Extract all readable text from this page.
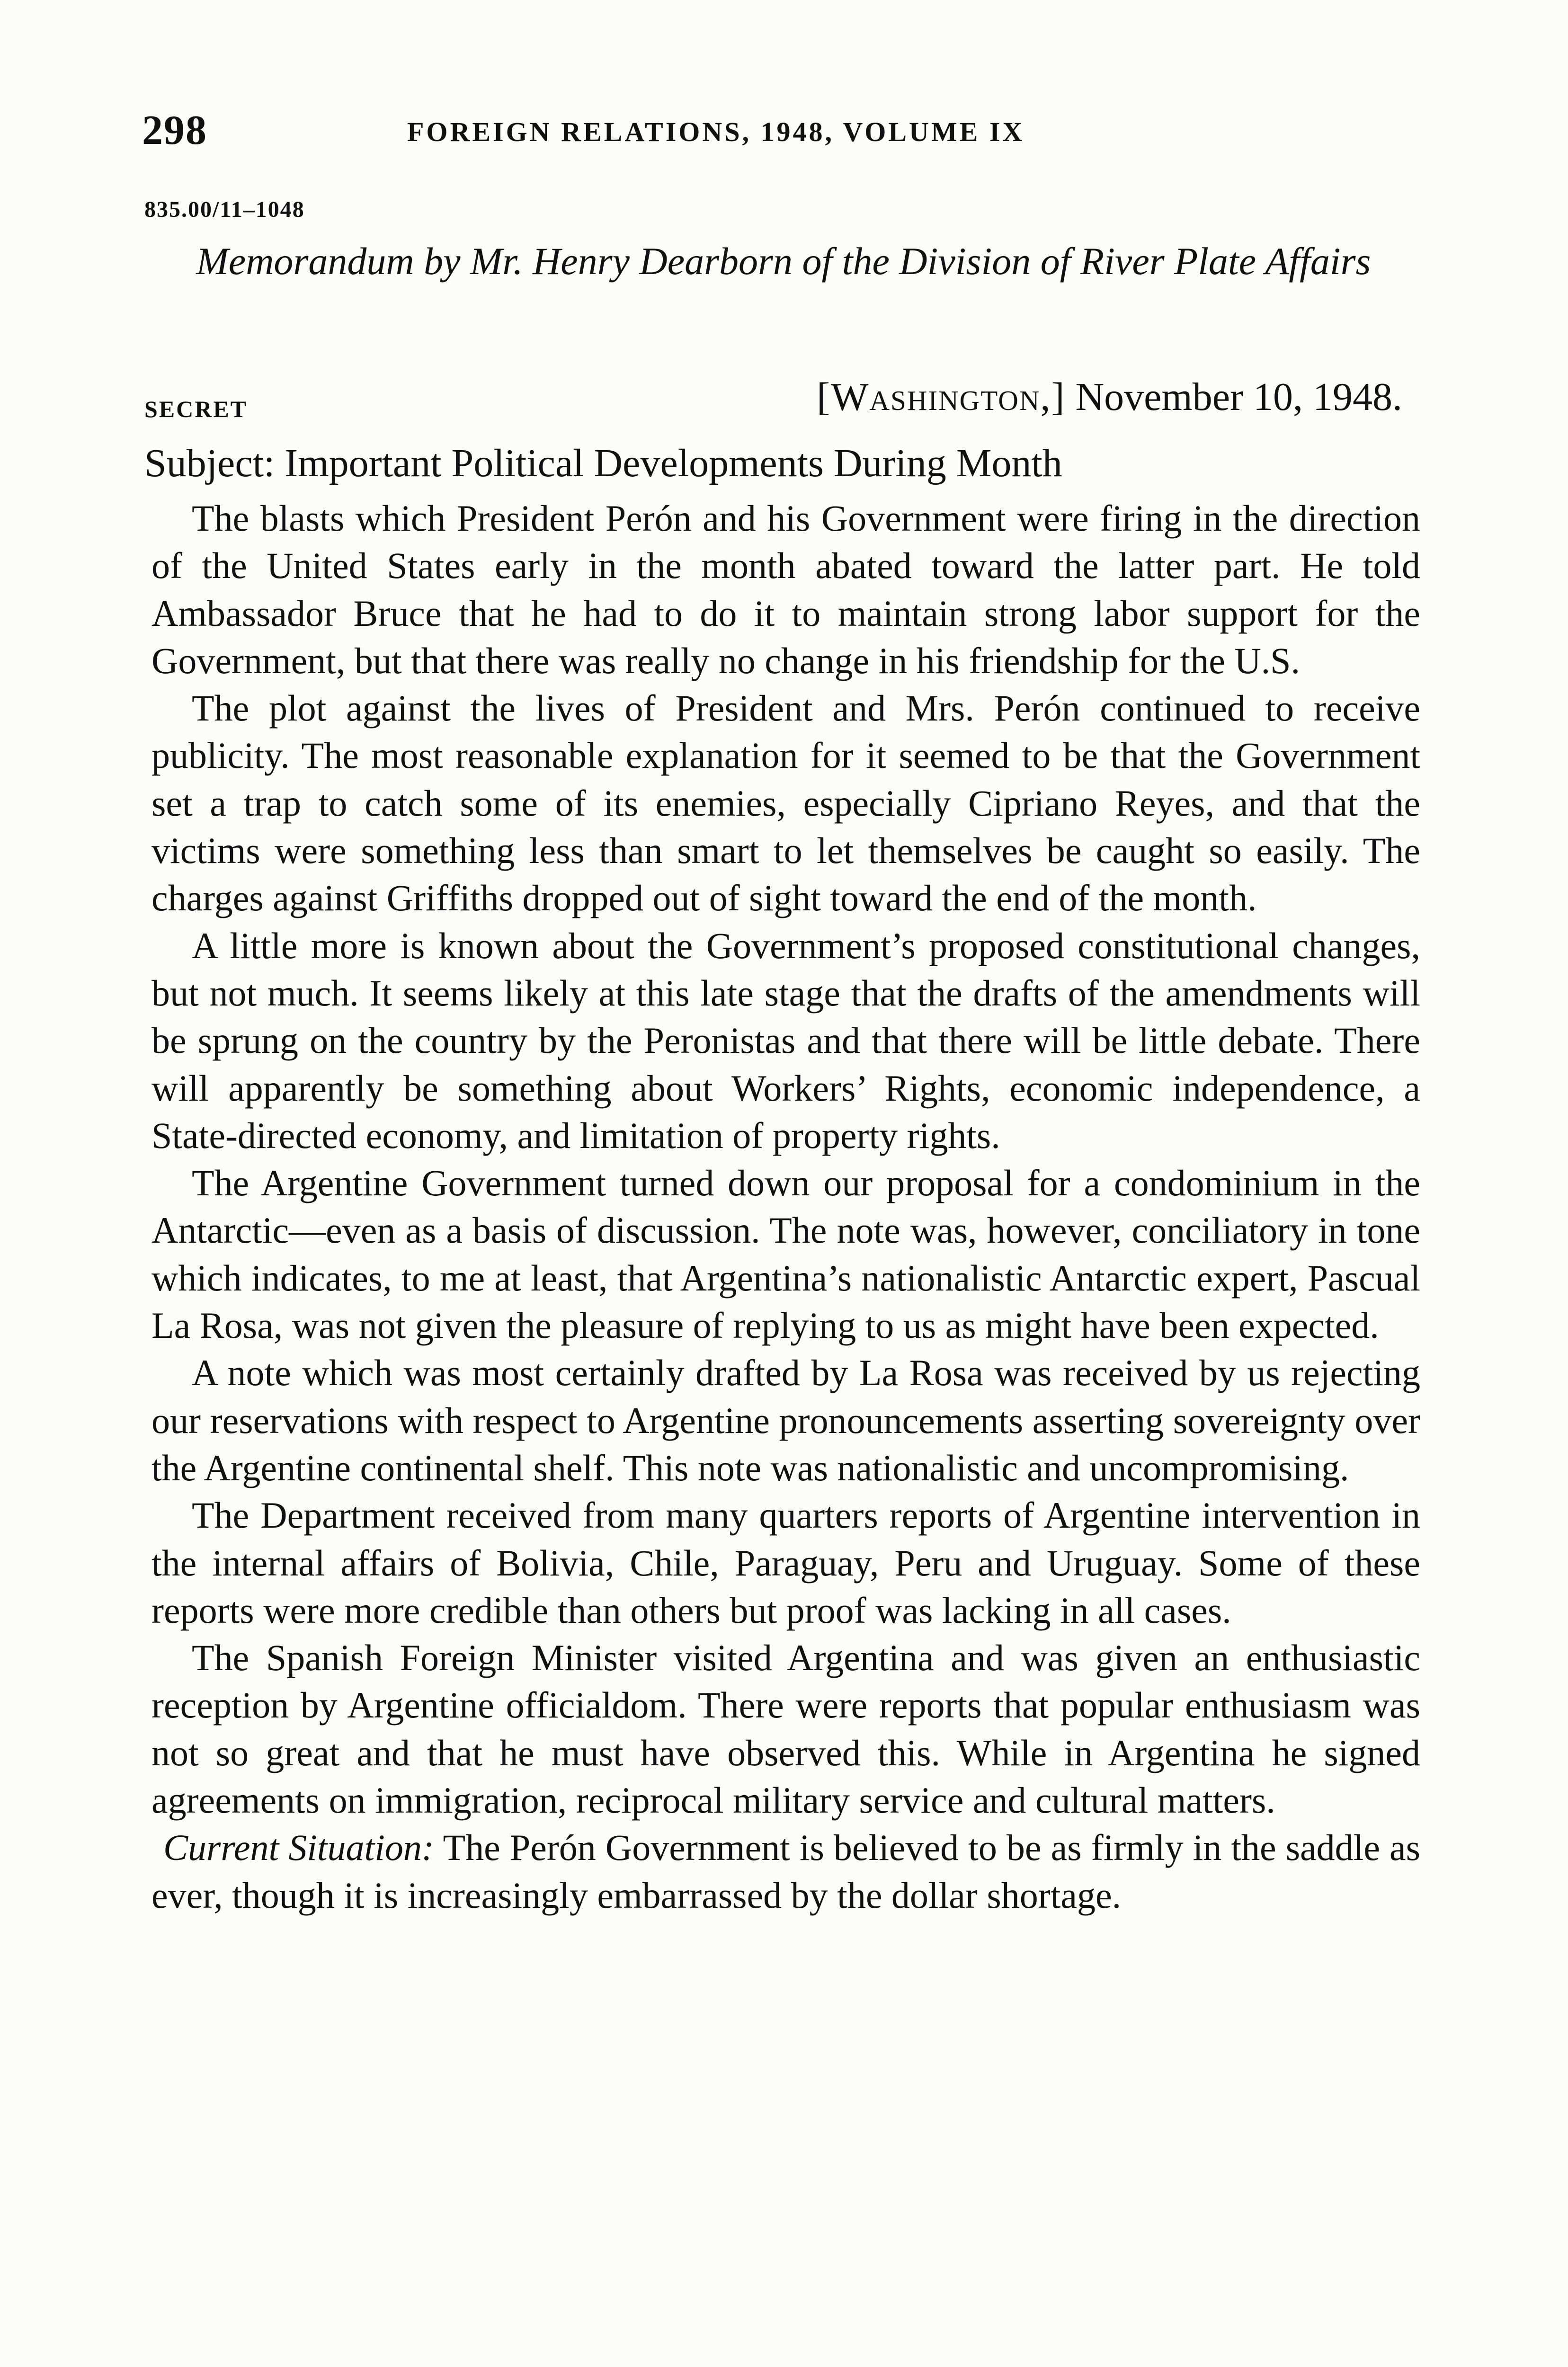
298	FOREIGN RELATIONS, 1948, VOLUME IX
835.00/11–1048
Memorandum by Mr. Henry Dearborn of the Division of River Plate Affairs
SECRET	[Washington,] November 10, 1948.
Subject: Important Political Developments During Month

The blasts which President Perón and his Government were firing in the direction of the United States early in the month abated toward the latter part. He told Ambassador Bruce that he had to do it to maintain strong labor support for the Government, but that there was really no change in his friendship for the U.S.

The plot against the lives of President and Mrs. Perón continued to receive publicity. The most reasonable explanation for it seemed to be that the Government set a trap to catch some of its enemies, especially Cipriano Reyes, and that the victims were something less than smart to let themselves be caught so easily. The charges against Griffiths dropped out of sight toward the end of the month.

A little more is known about the Government’s proposed constitutional changes, but not much. It seems likely at this late stage that the drafts of the amendments will be sprung on the country by the Peronistas and that there will be little debate. There will apparently be something about Workers’ Rights, economic independence, a State-directed economy, and limitation of property rights.

The Argentine Government turned down our proposal for a condominium in the Antarctic—even as a basis of discussion. The note was, however, conciliatory in tone which indicates, to me at least, that Argentina’s nationalistic Antarctic expert, Pascual La Rosa, was not given the pleasure of replying to us as might have been expected.

A note which was most certainly drafted by La Rosa was received by us rejecting our reservations with respect to Argentine pronouncements asserting sovereignty over the Argentine continental shelf. This note was nationalistic and uncompromising.

The Department received from many quarters reports of Argentine intervention in the internal affairs of Bolivia, Chile, Paraguay, Peru and Uruguay. Some of these reports were more credible than others but proof was lacking in all cases.

The Spanish Foreign Minister visited Argentina and was given an enthusiastic reception by Argentine officialdom. There were reports that popular enthusiasm was not so great and that he must have observed this. While in Argentina he signed agreements on immigration, reciprocal military service and cultural matters.

Current Situation: The Perón Government is believed to be as firmly in the saddle as ever, though it is increasingly embarrassed by the dollar shortage.
